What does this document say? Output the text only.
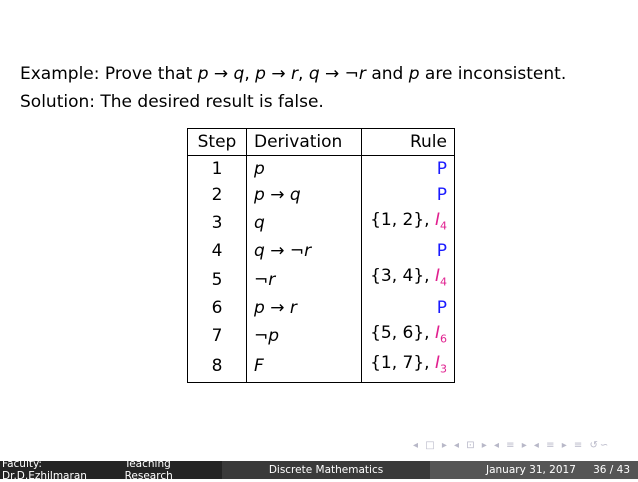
Example: Prove that p → q, p → r, q → ¬r and p are inconsistent.
Solution: The desired result is false.
Step	Derivation	Rule
1	p	P
2	p → q	P
3	q	{1, 2}, $I_4$
4	q → ¬r	P
5	¬r	{3, 4}, $I_4$
6	p → r	P
7	¬p	{5, 6}, $I_6$
8	F	{1, 7}, $I_3$
◂ □ ▸ ◂ ⊡ ▸ ◂ ≡ ▸ ◂ ≡ ▸ ≡ ↺∽
Faculty: Dr.D.Ezhilmaran
Teaching Research	Discrete Mathematics	January 31, 2017 36 / 43
